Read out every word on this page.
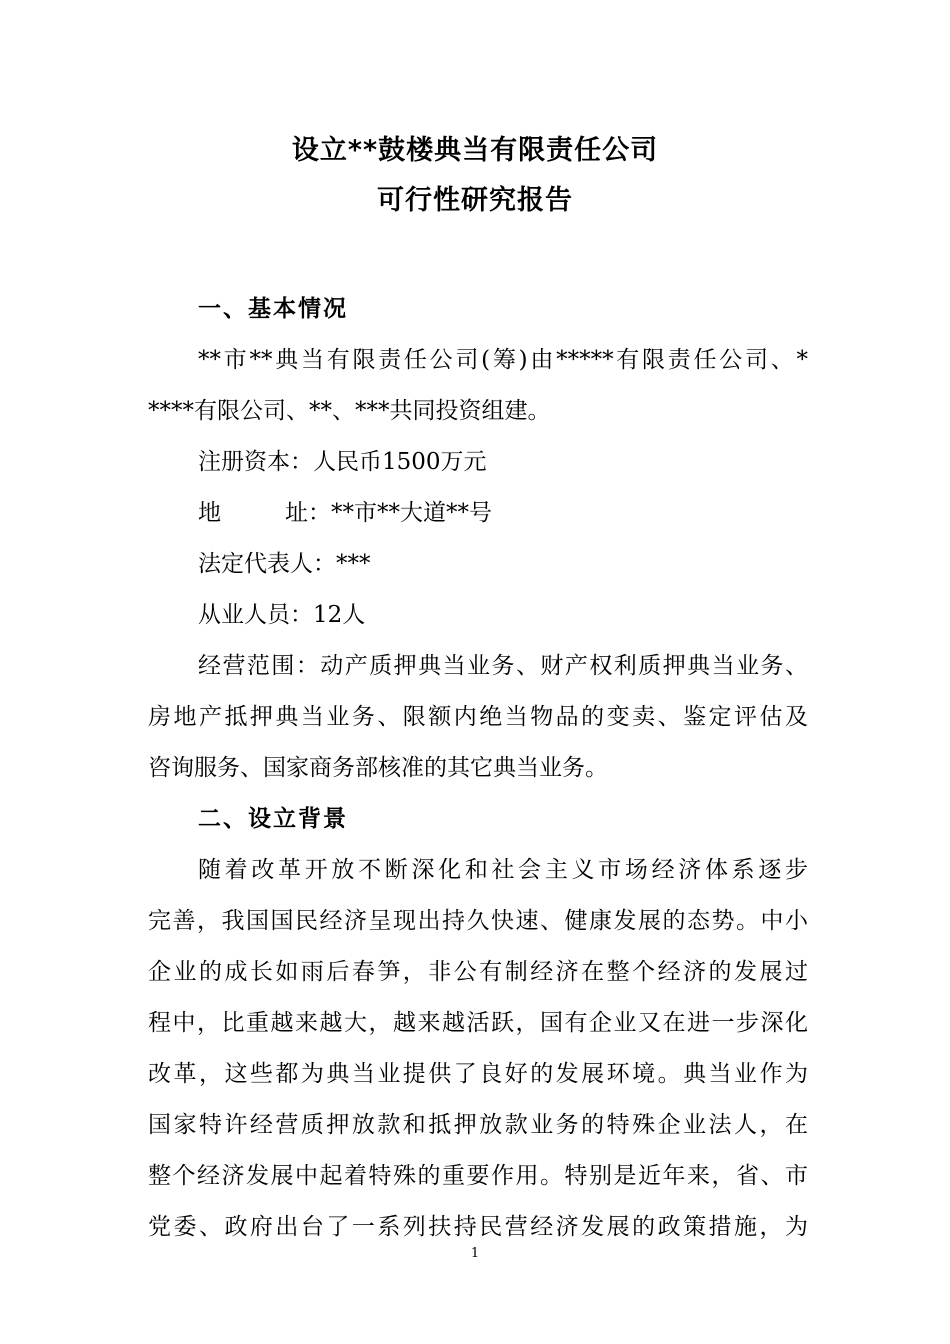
设立**鼓楼典当有限责任公司
可行性研究报告
一、基本情况
**市**典当有限责任公司(筹)由*****有限责任公司、*
****有限公司、**、***共同投资组建。
注册资本：人民币1500万元
地	址：**市**大道**号
法定代表人：***
从业人员：12人
经营范围：动产质押典当业务、财产权利质押典当业务、
房地产抵押典当业务、限额内绝当物品的变卖、鉴定评估及
咨询服务、国家商务部核准的其它典当业务。
二、设立背景
随着改革开放不断深化和社会主义市场经济体系逐步
完善，我国国民经济呈现出持久快速、健康发展的态势。中小
企业的成长如雨后春笋，非公有制经济在整个经济的发展过
程中，比重越来越大，越来越活跃，国有企业又在进一步深化
改革，这些都为典当业提供了良好的发展环境。典当业作为
国家特许经营质押放款和抵押放款业务的特殊企业法人，在
整个经济发展中起着特殊的重要作用。特别是近年来，省、市
党委、政府出台了一系列扶持民营经济发展的政策措施，为
1
